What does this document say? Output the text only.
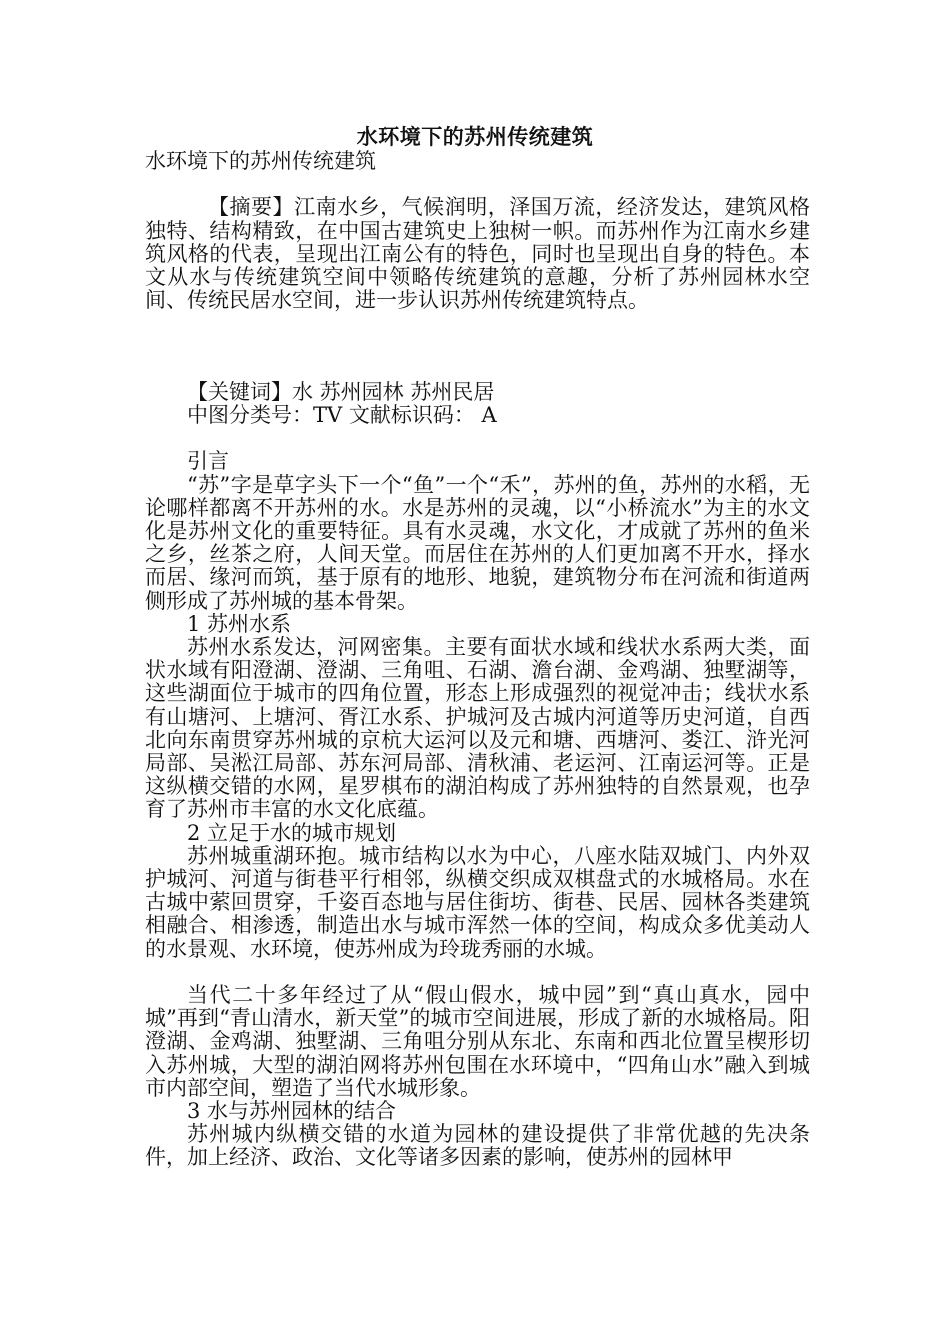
水环境下的苏州传统建筑

水环境下的苏州传统建筑

【摘要】江南水乡，气候润明，泽国万流，经济发达，建筑风格独特、结构精致，在中国古建筑史上独树一帜。而苏州作为江南水乡建筑风格的代表，呈现出江南公有的特色，同时也呈现出自身的特色。本文从水与传统建筑空间中领略传统建筑的意趣，分析了苏州园林水空间、传统民居水空间，进一步认识苏州传统建筑特点。

【关键词】水 苏州园林 苏州民居

中图分类号：TV 文献标识码： A

引言

“苏”字是草字头下一个“鱼”一个“禾”，苏州的鱼，苏州的水稻，无论哪样都离不开苏州的水。水是苏州的灵魂，以“小桥流水”为主的水文化是苏州文化的重要特征。具有水灵魂，水文化，才成就了苏州的鱼米之乡，丝茶之府，人间天堂。而居住在苏州的人们更加离不开水，择水而居、缘河而筑，基于原有的地形、地貌，建筑物分布在河流和街道两侧形成了苏州城的基本骨架。

1 苏州水系

苏州水系发达，河网密集。主要有面状水域和线状水系两大类，面状水域有阳澄湖、澄湖、三角咀、石湖、澹台湖、金鸡湖、独墅湖等，这些湖面位于城市的四角位置，形态上形成强烈的视觉冲击；线状水系有山塘河、上塘河、胥江水系、护城河及古城内河道等历史河道，自西北向东南贯穿苏州城的京杭大运河以及元和塘、西塘河、娄江、浒光河局部、吴淞江局部、苏东河局部、清秋浦、老运河、江南运河等。正是这纵横交错的水网，星罗棋布的湖泊构成了苏州独特的自然景观，也孕育了苏州市丰富的水文化底蕴。

2 立足于水的城市规划

苏州城重湖环抱。城市结构以水为中心，八座水陆双城门、内外双护城河、河道与街巷平行相邻，纵横交织成双棋盘式的水城格局。水在古城中萦回贯穿，千姿百态地与居住街坊、街巷、民居、园林各类建筑相融合、相渗透，制造出水与城市浑然一体的空间，构成众多优美动人的水景观、水环境，使苏州成为玲珑秀丽的水城。

当代二十多年经过了从“假山假水，城中园”到“真山真水，园中城”再到“青山清水，新天堂”的城市空间进展，形成了新的水城格局。阳澄湖、金鸡湖、独墅湖、三角咀分别从东北、东南和西北位置呈楔形切入苏州城，大型的湖泊网将苏州包围在水环境中，“四角山水”融入到城市内部空间，塑造了当代水城形象。

3 水与苏州园林的结合

苏州城内纵横交错的水道为园林的建设提供了非常优越的先决条件，加上经济、政治、文化等诸多因素的影响，使苏州的园林甲
